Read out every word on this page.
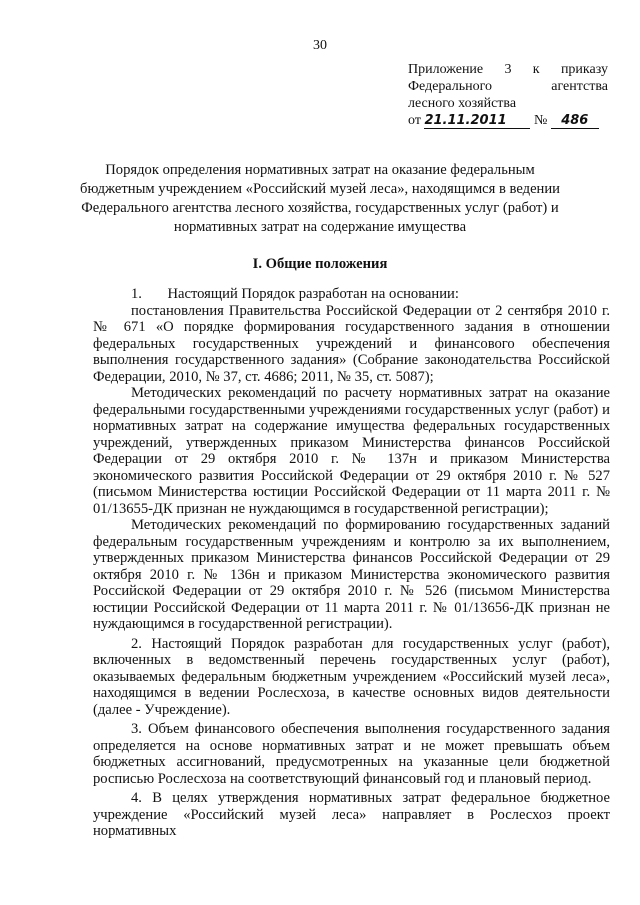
30
Приложение 3 к приказу
Федерального	агентства
лесного хозяйства
от 21.11.2011 № 486
Порядок определения нормативных затрат на оказание федеральным бюджетным учреждением «Российский музей леса», находящимся в ведении Федерального агентства лесного хозяйства, государственных услуг (работ) и нормативных затрат на содержание имущества
I. Общие положения

1.       Настоящий Порядок разработан на основании:

постановления Правительства Российской Федерации от 2 сентября 2010 г. № 671 «О порядке формирования государственного задания в отношении федеральных государственных учреждений и финансового обеспечения выполнения государственного задания» (Собрание законодательства Российской Федерации, 2010, № 37, ст. 4686; 2011, № 35, ст. 5087);

Методических рекомендаций по расчету нормативных затрат на оказание федеральными государственными учреждениями государственных услуг (работ) и нормативных затрат на содержание имущества федеральных государственных учреждений, утвержденных приказом Министерства финансов Российской Федерации от 29 октября 2010 г. № 137н и приказом Министерства экономического развития Российской Федерации от 29 октября 2010 г. № 527 (письмом Министерства юстиции Российской Федерации от 11 марта 2011 г. № 01/13655-ДК признан не нуждающимся в государственной регистрации);

Методических рекомендаций по формированию государственных заданий федеральным государственным учреждениям и контролю за их выполнением, утвержденных приказом Министерства финансов Российской Федерации от 29 октября 2010 г. № 136н и приказом Министерства экономического развития Российской Федерации от 29 октября 2010 г. № 526 (письмом Министерства юстиции Российской Федерации от 11 марта 2011 г. № 01/13656-ДК признан не нуждающимся в государственной регистрации).

2. Настоящий Порядок разработан для государственных услуг (работ), включенных в ведомственный перечень государственных услуг (работ), оказываемых федеральным бюджетным учреждением «Российский музей леса», находящимся в ведении Рослесхоза, в качестве основных видов деятельности (далее - Учреждение).

3. Объем финансового обеспечения выполнения государственного задания определяется на основе нормативных затрат и не может превышать объем бюджетных ассигнований, предусмотренных на указанные цели бюджетной росписью Рослесхоза на соответствующий финансовый год и плановый период.

4. В целях утверждения нормативных затрат федеральное бюджетное учреждение «Российский музей леса» направляет в Рослесхоз проект нормативных
